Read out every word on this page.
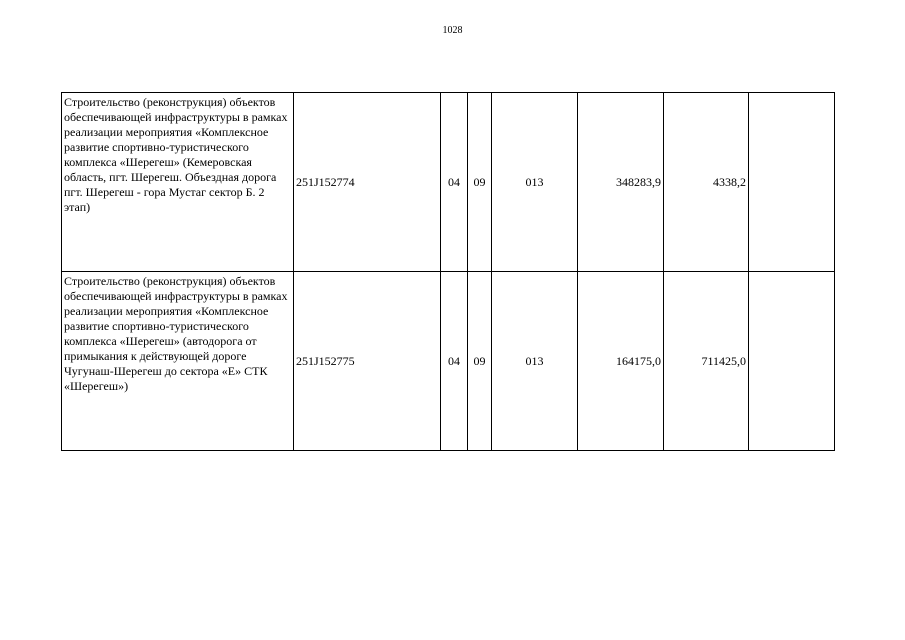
1028
Строительство (реконструкция) объектов обеспечивающей инфраструктуры в рамках реализации мероприятия «Комплексное развитие спортивно-туристического комплекса «Шерегеш» (Кемеровская область, пгт. Шерегеш. Объездная дорога пгт. Шерегеш - гора Мустаг сектор Б. 2 этап)	251J152774	04	09	013	348283,9	4338,2	
Строительство (реконструкция) объектов обеспечивающей инфраструктуры в рамках реализации мероприятия «Комплексное развитие спортивно-туристического комплекса «Шерегеш» (автодорога от примыкания к действующей дороге Чугунаш-Шерегеш до сектора «Е» СТК «Шерегеш»)	251J152775	04	09	013	164175,0	711425,0	
